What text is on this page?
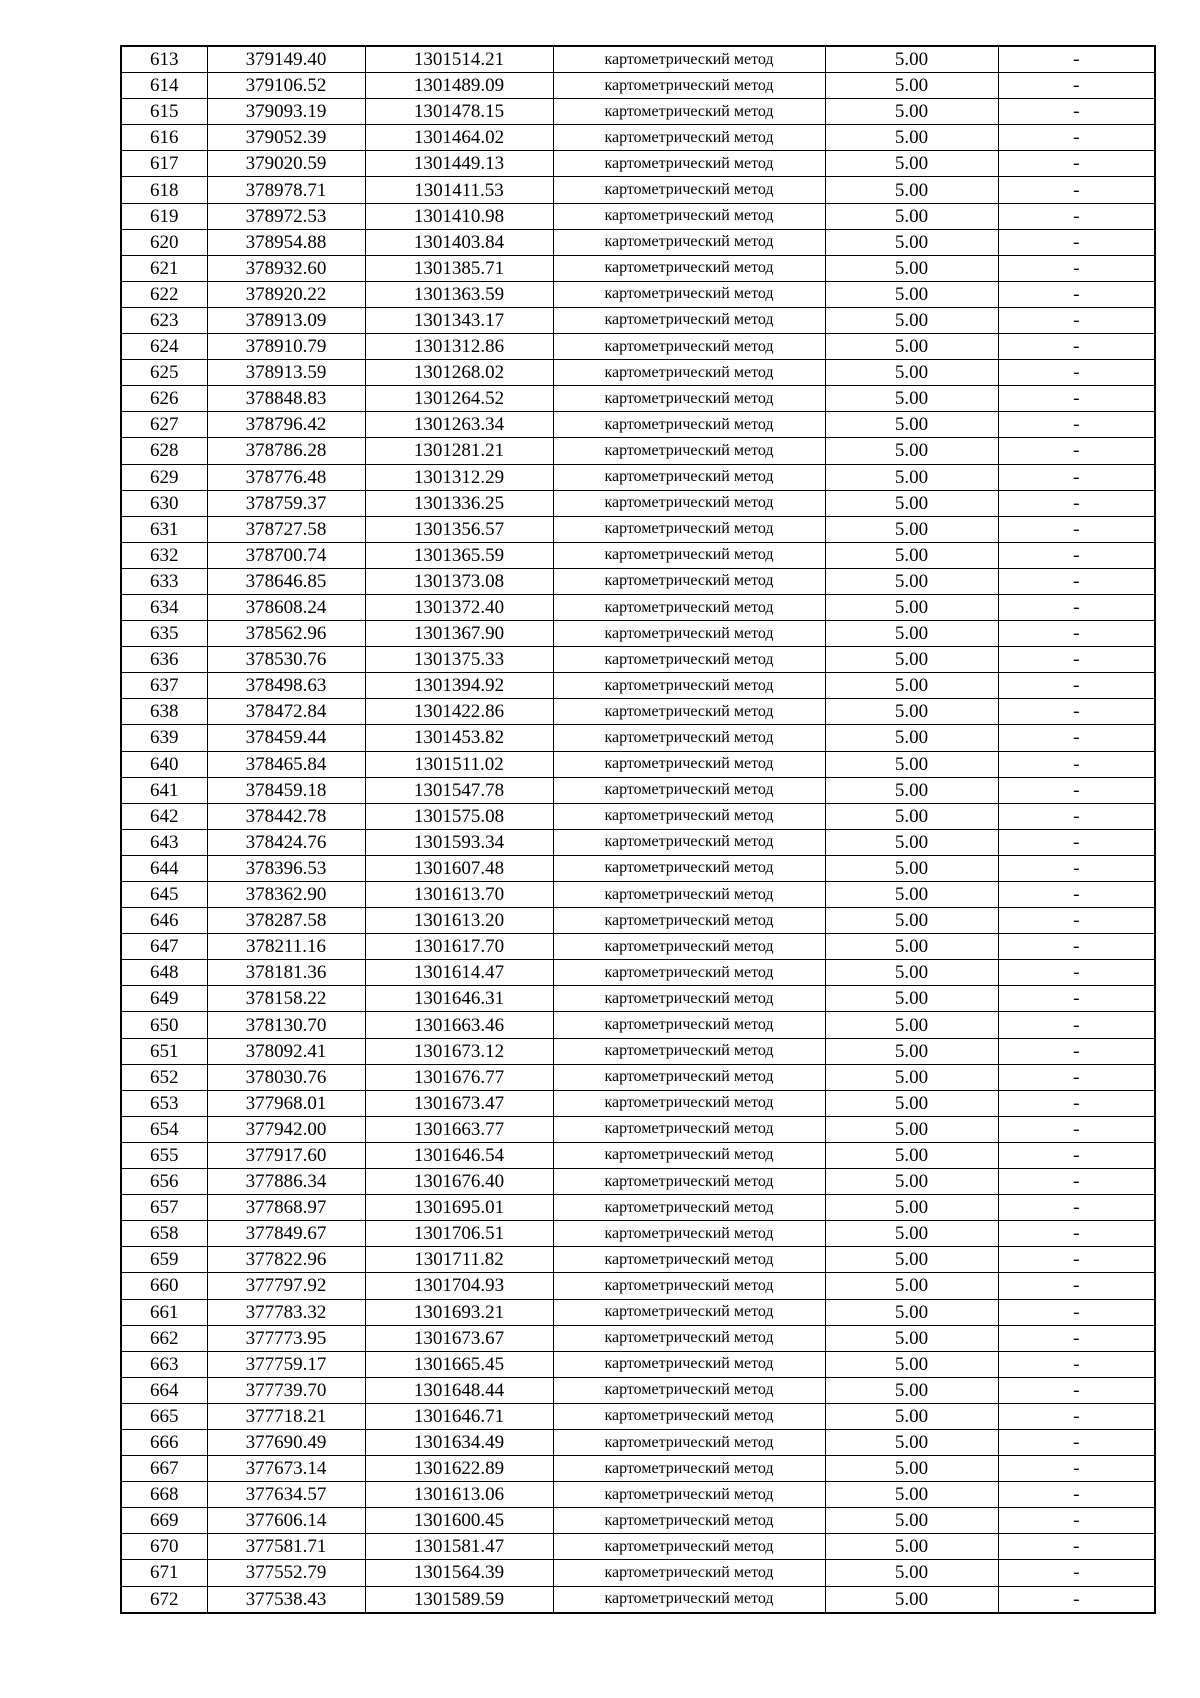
613	379149.40	1301514.21	картометрический метод	5.00	-
614	379106.52	1301489.09	картометрический метод	5.00	-
615	379093.19	1301478.15	картометрический метод	5.00	-
616	379052.39	1301464.02	картометрический метод	5.00	-
617	379020.59	1301449.13	картометрический метод	5.00	-
618	378978.71	1301411.53	картометрический метод	5.00	-
619	378972.53	1301410.98	картометрический метод	5.00	-
620	378954.88	1301403.84	картометрический метод	5.00	-
621	378932.60	1301385.71	картометрический метод	5.00	-
622	378920.22	1301363.59	картометрический метод	5.00	-
623	378913.09	1301343.17	картометрический метод	5.00	-
624	378910.79	1301312.86	картометрический метод	5.00	-
625	378913.59	1301268.02	картометрический метод	5.00	-
626	378848.83	1301264.52	картометрический метод	5.00	-
627	378796.42	1301263.34	картометрический метод	5.00	-
628	378786.28	1301281.21	картометрический метод	5.00	-
629	378776.48	1301312.29	картометрический метод	5.00	-
630	378759.37	1301336.25	картометрический метод	5.00	-
631	378727.58	1301356.57	картометрический метод	5.00	-
632	378700.74	1301365.59	картометрический метод	5.00	-
633	378646.85	1301373.08	картометрический метод	5.00	-
634	378608.24	1301372.40	картометрический метод	5.00	-
635	378562.96	1301367.90	картометрический метод	5.00	-
636	378530.76	1301375.33	картометрический метод	5.00	-
637	378498.63	1301394.92	картометрический метод	5.00	-
638	378472.84	1301422.86	картометрический метод	5.00	-
639	378459.44	1301453.82	картометрический метод	5.00	-
640	378465.84	1301511.02	картометрический метод	5.00	-
641	378459.18	1301547.78	картометрический метод	5.00	-
642	378442.78	1301575.08	картометрический метод	5.00	-
643	378424.76	1301593.34	картометрический метод	5.00	-
644	378396.53	1301607.48	картометрический метод	5.00	-
645	378362.90	1301613.70	картометрический метод	5.00	-
646	378287.58	1301613.20	картометрический метод	5.00	-
647	378211.16	1301617.70	картометрический метод	5.00	-
648	378181.36	1301614.47	картометрический метод	5.00	-
649	378158.22	1301646.31	картометрический метод	5.00	-
650	378130.70	1301663.46	картометрический метод	5.00	-
651	378092.41	1301673.12	картометрический метод	5.00	-
652	378030.76	1301676.77	картометрический метод	5.00	-
653	377968.01	1301673.47	картометрический метод	5.00	-
654	377942.00	1301663.77	картометрический метод	5.00	-
655	377917.60	1301646.54	картометрический метод	5.00	-
656	377886.34	1301676.40	картометрический метод	5.00	-
657	377868.97	1301695.01	картометрический метод	5.00	-
658	377849.67	1301706.51	картометрический метод	5.00	-
659	377822.96	1301711.82	картометрический метод	5.00	-
660	377797.92	1301704.93	картометрический метод	5.00	-
661	377783.32	1301693.21	картометрический метод	5.00	-
662	377773.95	1301673.67	картометрический метод	5.00	-
663	377759.17	1301665.45	картометрический метод	5.00	-
664	377739.70	1301648.44	картометрический метод	5.00	-
665	377718.21	1301646.71	картометрический метод	5.00	-
666	377690.49	1301634.49	картометрический метод	5.00	-
667	377673.14	1301622.89	картометрический метод	5.00	-
668	377634.57	1301613.06	картометрический метод	5.00	-
669	377606.14	1301600.45	картометрический метод	5.00	-
670	377581.71	1301581.47	картометрический метод	5.00	-
671	377552.79	1301564.39	картометрический метод	5.00	-
672	377538.43	1301589.59	картометрический метод	5.00	-
